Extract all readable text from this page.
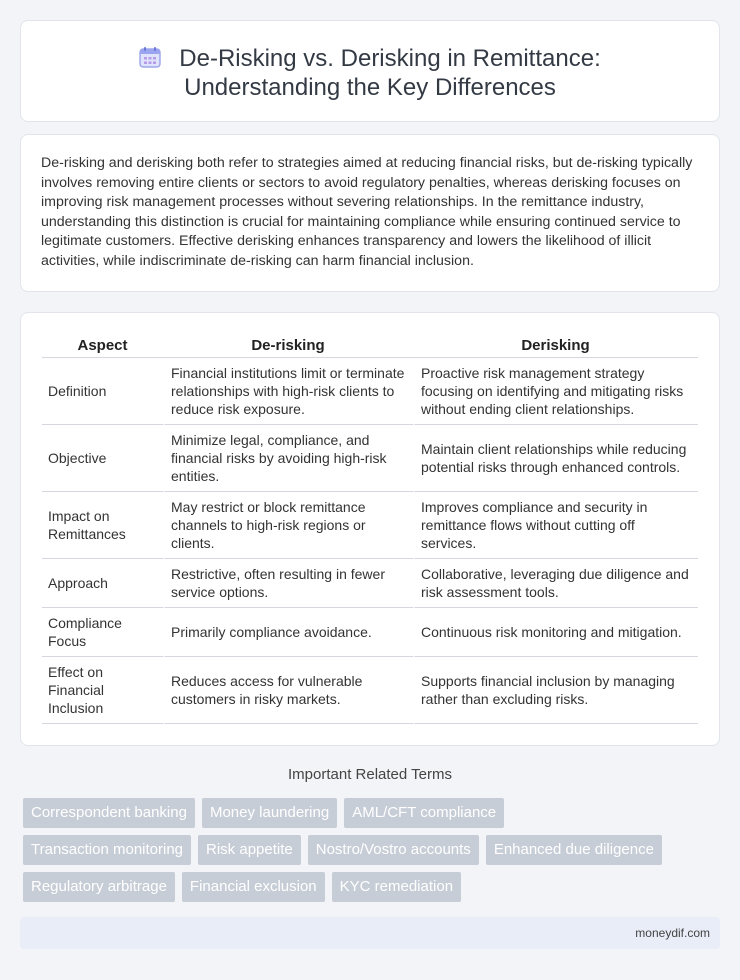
De-Risking vs. Derisking in Remittance: Understanding the Key Differences

De-risking and derisking both refer to strategies aimed at reducing financial risks, but de-risking typically involves removing entire clients or sectors to avoid regulatory penalties, whereas derisking focuses on improving risk management processes without severing relationships. In the remittance industry, understanding this distinction is crucial for maintaining compliance while ensuring continued service to legitimate customers. Effective derisking enhances transparency and lowers the likelihood of illicit activities, while indiscriminate de-risking can harm financial inclusion.

Aspect	De-risking	Derisking
Definition	Financial institutions limit or terminate relationships with high-risk clients to reduce risk exposure.	Proactive risk management strategy focusing on identifying and mitigating risks without ending client relationships.
Objective	Minimize legal, compliance, and financial risks by avoiding high-risk entities.	Maintain client relationships while reducing potential risks through enhanced controls.
Impact on Remittances	May restrict or block remittance channels to high-risk regions or clients.	Improves compliance and security in remittance flows without cutting off services.
Approach	Restrictive, often resulting in fewer service options.	Collaborative, leveraging due diligence and risk assessment tools.
Compliance Focus	Primarily compliance avoidance.	Continuous risk monitoring and mitigation.
Effect on Financial Inclusion	Reduces access for vulnerable customers in risky markets.	Supports financial inclusion by managing rather than excluding risks.
Important Related Terms
Correspondent banking	Money laundering	AML/CFT compliance
Transaction monitoring	Risk appetite	Nostro/Vostro accounts	Enhanced due diligence
Regulatory arbitrage	Financial exclusion	KYC remediation
moneydif.com
